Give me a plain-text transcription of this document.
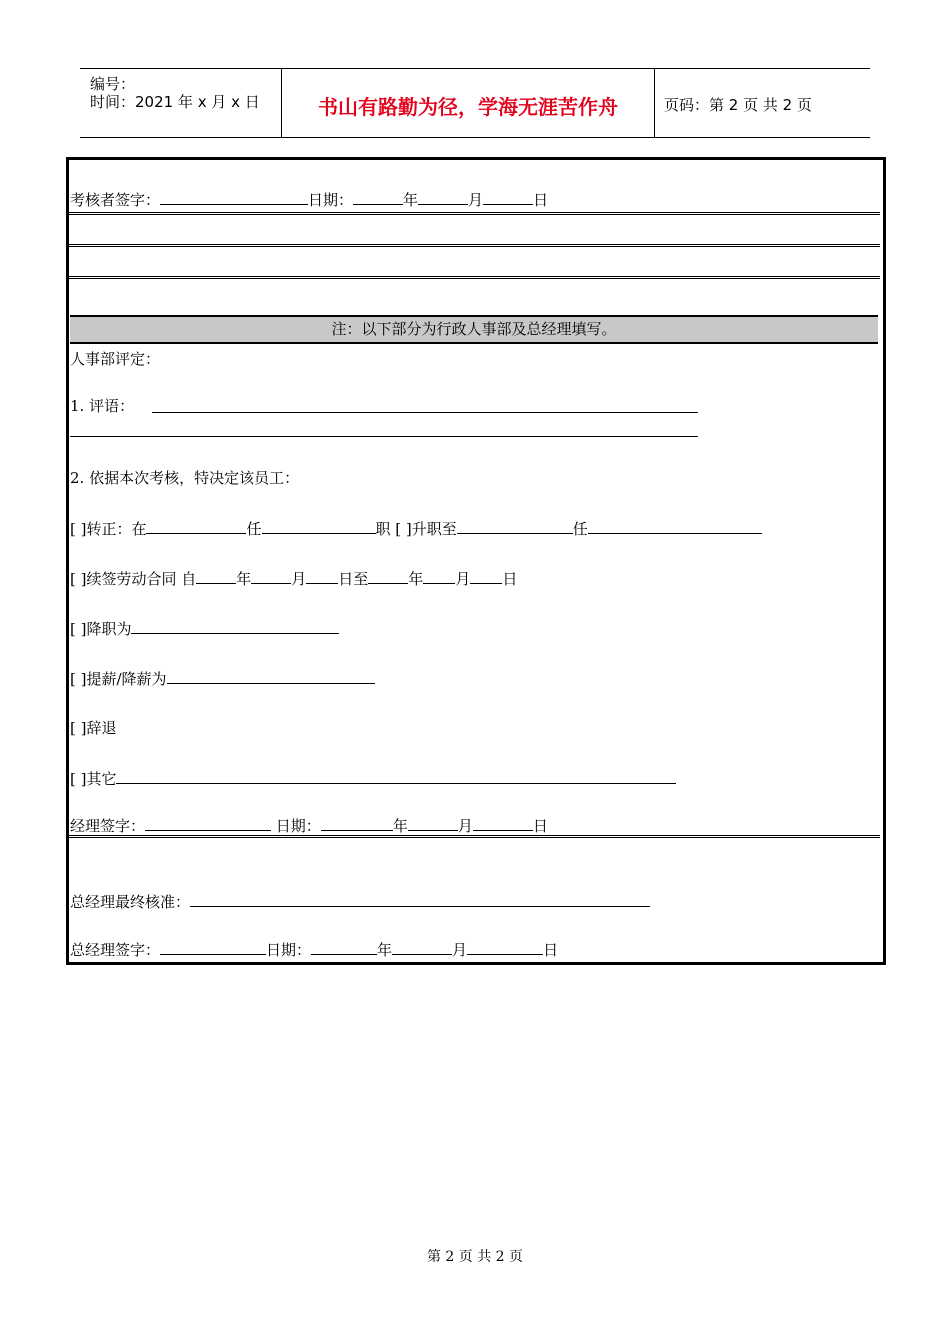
编号：
时间：2021 年 x 月 x 日	书山有路勤为径，学海无涯苦作舟	页码：第 2 页 共 2 页
考核者签字：	日期：	年	月	日
注：以下部分为行政人事部及总经理填写。
人事部评定：
1. 评语：
2. 依据本次考核，特决定该员工：
[ ]转正：在	任	职 [ ]升职至	任
[ ]续签劳动合同 自	年	月 日至	年 月 日
[ ]降职为
[ ]提薪/降薪为
[ ]辞退
[ ]其它
经理签字：	日期：	年	月	日
总经理最终核准：
总经理签字：	日期：	年	月	日
第 2 页 共 2 页
